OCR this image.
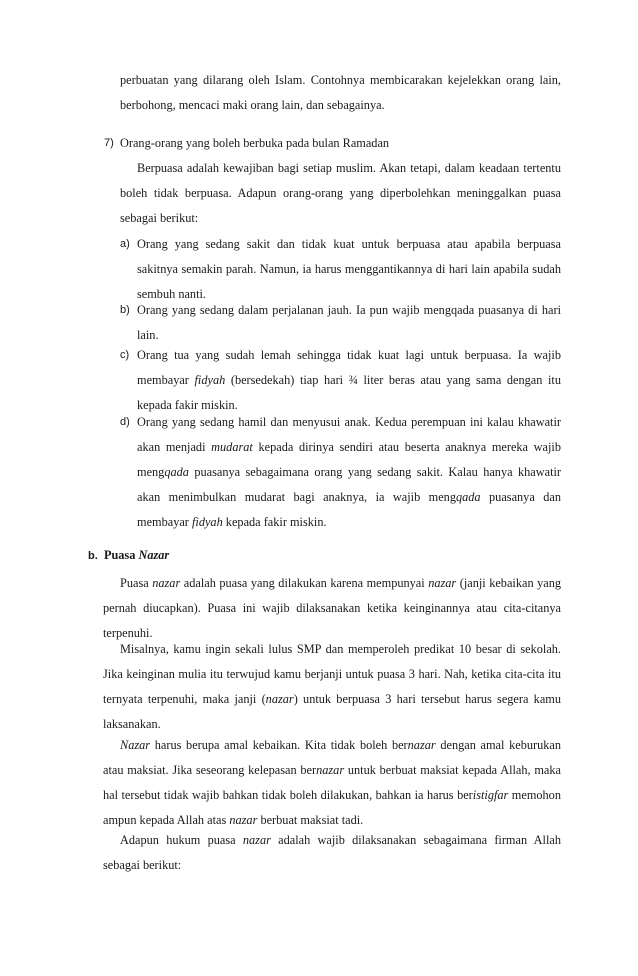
perbuatan yang dilarang oleh Islam. Contohnya membicarakan kejelekkan orang lain, berbohong, mencaci maki orang lain, dan sebagainya.

7) Orang-orang yang boleh berbuka pada bulan Ramadan

Berpuasa adalah kewajiban bagi setiap muslim. Akan tetapi, dalam keadaan tertentu boleh tidak berpuasa. Adapun orang-orang yang diperbolehkan meninggalkan puasa sebagai berikut:

a) Orang yang sedang sakit dan tidak kuat untuk berpuasa atau apabila berpuasa sakitnya semakin parah. Namun, ia harus menggantikannya di hari lain apabila sudah sembuh nanti.

b) Orang yang sedang dalam perjalanan jauh. Ia pun wajib mengqada puasanya di hari lain.

c) Orang tua yang sudah lemah sehingga tidak kuat lagi untuk berpuasa. Ia wajib membayar fidyah (bersedekah) tiap hari ¾ liter beras atau yang sama dengan itu kepada fakir miskin.

d) Orang yang sedang hamil dan menyusui anak. Kedua perempuan ini kalau khawatir akan menjadi mudarat kepada dirinya sendiri atau beserta anaknya mereka wajib mengqada puasanya sebagaimana orang yang sedang sakit. Kalau hanya khawatir akan menimbulkan mudarat bagi anaknya, ia wajib mengqada puasanya dan membayar fidyah kepada fakir miskin.

b. Puasa Nazar

Puasa nazar adalah puasa yang dilakukan karena mempunyai nazar (janji kebaikan yang pernah diucapkan). Puasa ini wajib dilaksanakan ketika keinginannya atau cita-citanya terpenuhi.

Misalnya, kamu ingin sekali lulus SMP dan memperoleh predikat 10 besar di sekolah. Jika keinginan mulia itu terwujud kamu berjanji untuk puasa 3 hari. Nah, ketika cita-cita itu ternyata terpenuhi, maka janji (nazar) untuk berpuasa 3 hari tersebut harus segera kamu laksanakan.

Nazar harus berupa amal kebaikan. Kita tidak boleh bernazar dengan amal keburukan atau maksiat. Jika seseorang kelepasan bernazar untuk berbuat maksiat kepada Allah, maka hal tersebut tidak wajib bahkan tidak boleh dilakukan, bahkan ia harus beristigfar memohon ampun kepada Allah atas nazar berbuat maksiat tadi.

Adapun hukum puasa nazar adalah wajib dilaksanakan sebagaimana firman Allah sebagai berikut:
